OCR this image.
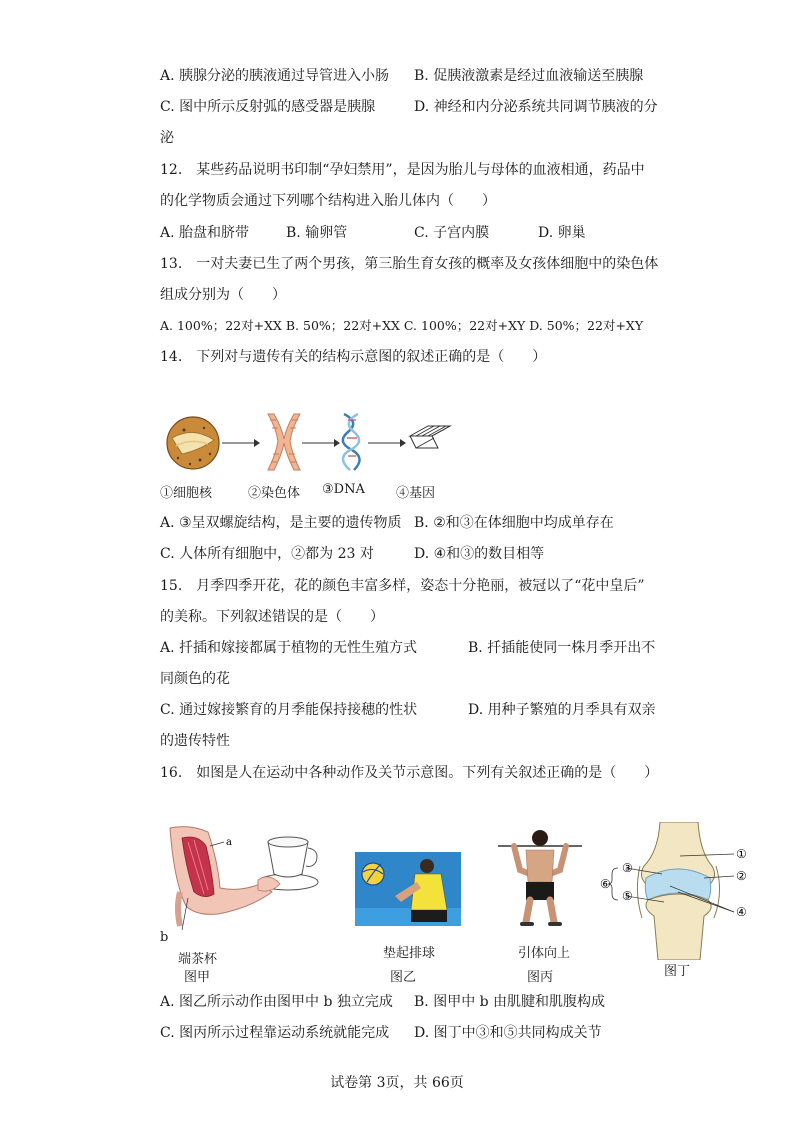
A. 胰腺分泌的胰液通过导管进入小肠 B. 促胰液激素是经过血液输送至胰腺
C. 图中所示反射弧的感受器是胰腺	D. 神经和内分泌系统共同调节胰液的分
泌
12.　某些药品说明书印制“孕妇禁用”，是因为胎儿与母体的血液相通，药品中
的化学物质会通过下列哪个结构进入胎儿体内（　　）
A. 胎盘和脐带	B. 输卵管	C. 子宫内膜	D. 卵巢
13.　一对夫妻已生了两个男孩，第三胎生育女孩的概率及女孩体细胞中的染色体
组成分别为（　　）
A. 100%；22对+XX B. 50%；22对+XX C. 100%；22对+XY D. 50%；22对+XY
14.　下列对与遗传有关的结构示意图的叙述正确的是（　　）
①细胞核	②染色体 ③DNA ④基因
A. ③呈双螺旋结构，是主要的遗传物质 B. ②和③在体细胞中均成单存在
C. 人体所有细胞中，②都为 23 对	D. ④和③的数目相等
15.　月季四季开花，花的颜色丰富多样，姿态十分艳丽，被冠以了“花中皇后”
的美称。下列叙述错误的是（　　）
A. 扦插和嫁接都属于植物的无性生殖方式	B. 扦插能使同一株月季开出不
同颜色的花
C. 通过嫁接繁育的月季能保持接穗的性状	D. 用种子繁殖的月季具有双亲
的遗传特性
16.　如图是人在运动中各种动作及关节示意图。下列有关叙述正确的是（　　）
a
b
端茶杯
图甲
垫起排球
图乙
引体向上
图丙
①
②
③
④
⑤
⑥
图丁
A. 图乙所示动作由图甲中 b 独立完成 B. 图甲中 b 由肌腱和肌腹构成
C. 图丙所示过程靠运动系统就能完成 D. 图丁中③和⑤共同构成关节
试卷第 3页，共 66页
